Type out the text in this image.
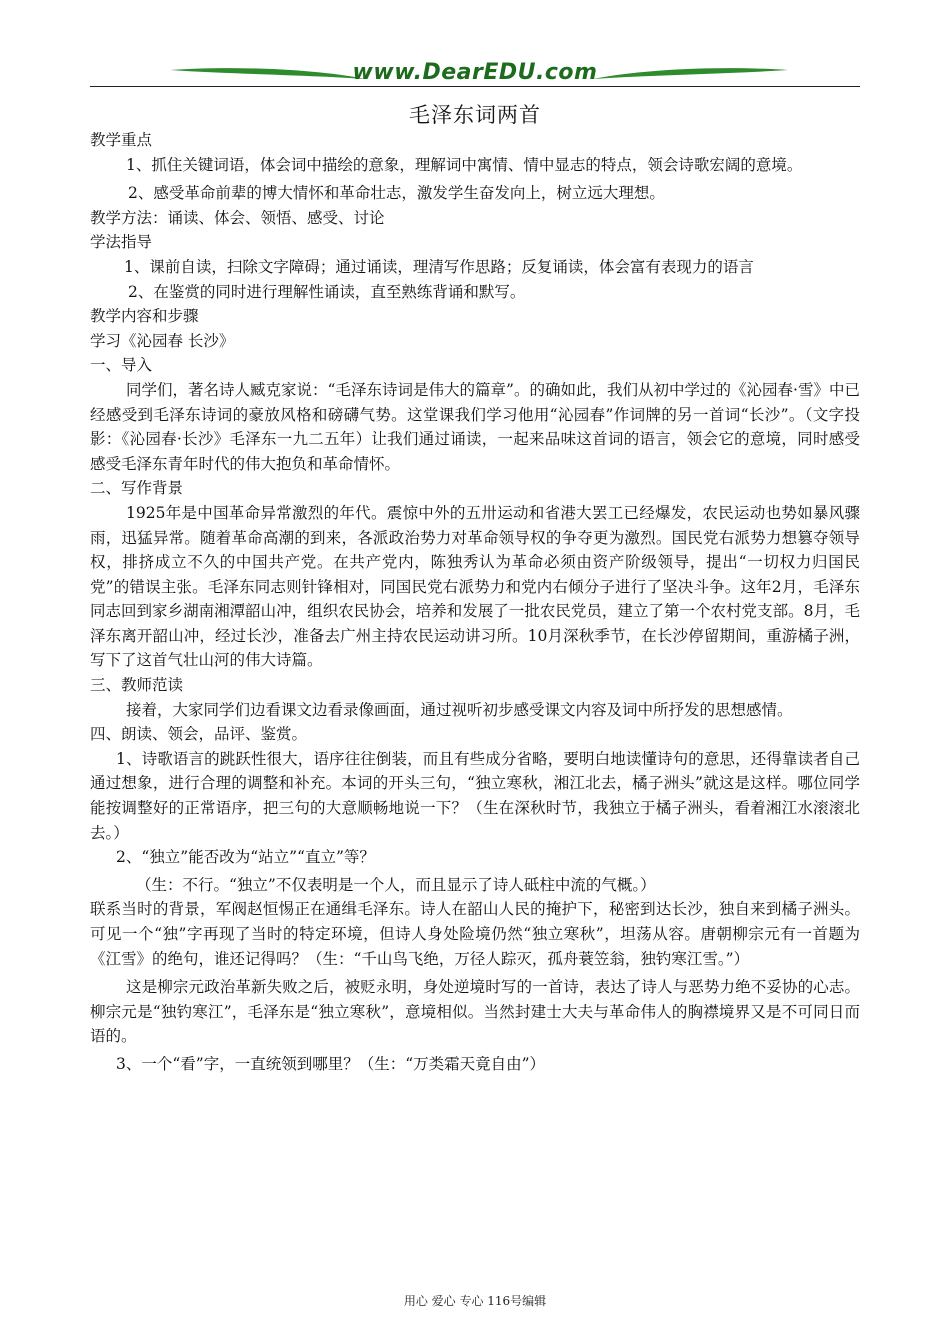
www.DearEDU.com
毛泽东词两首

教学重点

1、抓住关键词语，体会词中描绘的意象，理解词中寓情、情中显志的特点，领会诗歌宏阔的意境。

2、感受革命前辈的博大情怀和革命壮志，激发学生奋发向上，树立远大理想。

教学方法：诵读、体会、领悟、感受、讨论

学法指导

1、课前自读，扫除文字障碍；通过诵读，理清写作思路；反复诵读，体会富有表现力的语言

2、在鉴赏的同时进行理解性诵读，直至熟练背诵和默写。

教学内容和步骤

学习《沁园春 长沙》

一、导入

同学们，著名诗人臧克家说：“毛泽东诗词是伟大的篇章”。的确如此，我们从初中学过的《沁园春·雪》中已经感受到毛泽东诗词的豪放风格和磅礴气势。这堂课我们学习他用“沁园春”作词牌的另一首词“长沙”。（文字投影：《沁园春·长沙》毛泽东一九二五年）让我们通过诵读，一起来品味这首词的语言，领会它的意境，同时感受感受毛泽东青年时代的伟大抱负和革命情怀。

二、写作背景

1925年是中国革命异常激烈的年代。震惊中外的五卅运动和省港大罢工已经爆发，农民运动也势如暴风骤雨，迅猛异常。随着革命高潮的到来，各派政治势力对革命领导权的争夺更为激烈。国民党右派势力想篡夺领导权，排挤成立不久的中国共产党。在共产党内，陈独秀认为革命必须由资产阶级领导，提出“一切权力归国民党”的错误主张。毛泽东同志则针锋相对，同国民党右派势力和党内右倾分子进行了坚决斗争。这年2月，毛泽东同志回到家乡湖南湘潭韶山冲，组织农民协会，培养和发展了一批农民党员，建立了第一个农村党支部。8月，毛泽东离开韶山冲，经过长沙，准备去广州主持农民运动讲习所。10月深秋季节，在长沙停留期间，重游橘子洲，写下了这首气壮山河的伟大诗篇。

三、教师范读

接着，大家同学们边看课文边看录像画面，通过视听初步感受课文内容及词中所抒发的思想感情。

四、朗读、领会，品评、鉴赏。

1、诗歌语言的跳跃性很大，语序往往倒装，而且有些成分省略，要明白地读懂诗句的意思，还得靠读者自己通过想象，进行合理的调整和补充。本词的开头三句，“独立寒秋，湘江北去，橘子洲头”就这是这样。哪位同学能按调整好的正常语序，把三句的大意顺畅地说一下？（生在深秋时节，我独立于橘子洲头，看着湘江水滚滚北去。）

2、“独立”能否改为“站立”“直立”等？

（生：不行。“独立”不仅表明是一个人，而且显示了诗人砥柱中流的气概。）

联系当时的背景，军阀赵恒惕正在通缉毛泽东。诗人在韶山人民的掩护下，秘密到达长沙，独自来到橘子洲头。可见一个“独”字再现了当时的特定环境，但诗人身处险境仍然“独立寒秋”，坦荡从容。唐朝柳宗元有一首题为《江雪》的绝句，谁还记得吗？（生：“千山鸟飞绝，万径人踪灭，孤舟蓑笠翁，独钓寒江雪。”）

这是柳宗元政治革新失败之后，被贬永明，身处逆境时写的一首诗，表达了诗人与恶势力绝不妥协的心志。柳宗元是“独钓寒江”，毛泽东是“独立寒秋”，意境相似。当然封建士大夫与革命伟人的胸襟境界又是不可同日而语的。

3、一个“看”字，一直统领到哪里？（生：“万类霜天竟自由”）

用心 爱心 专心 116号编辑
